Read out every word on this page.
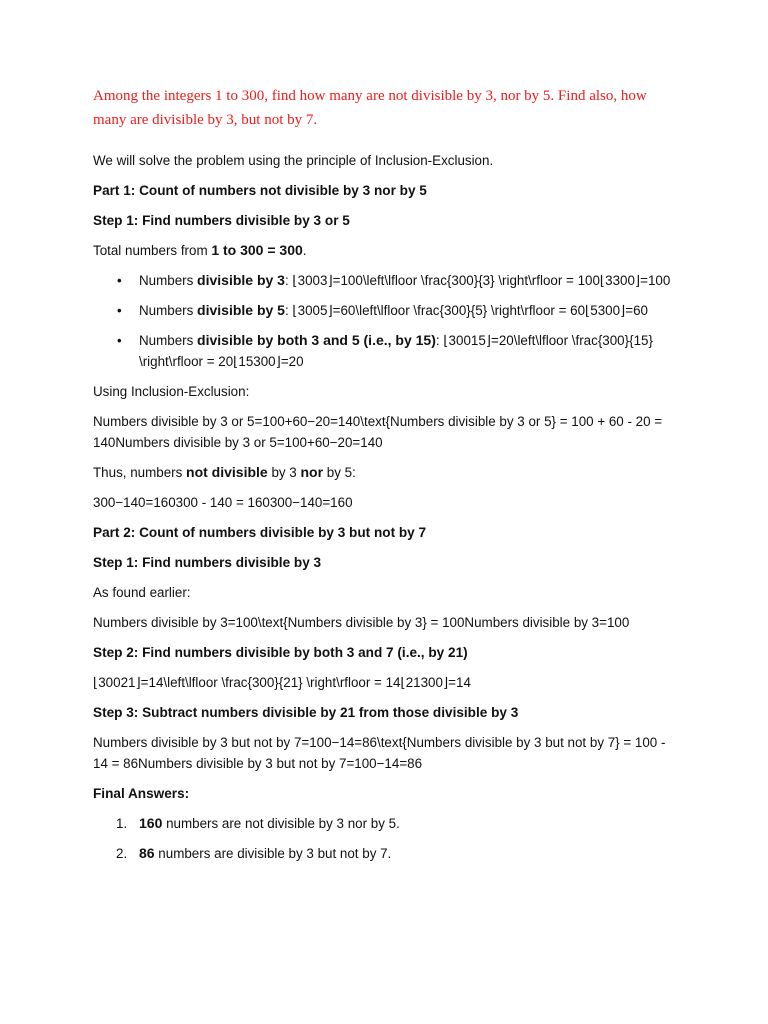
Among the integers 1 to 300, find how many are not divisible by 3, nor by 5. Find also, how many are divisible by 3, but not by 7.

We will solve the problem using the principle of Inclusion-Exclusion.

Part 1: Count of numbers not divisible by 3 nor by 5

Step 1: Find numbers divisible by 3 or 5

Total numbers from 1 to 300 = 300.

• Numbers divisible by 3: ⌊3003⌋=100\left\lfloor \frac{300}{3} \right\rfloor = 100⌊3300⌋=100
• Numbers divisible by 5: ⌊3005⌋=60\left\lfloor \frac{300}{5} \right\rfloor = 60⌊5300⌋=60
• Numbers divisible by both 3 and 5 (i.e., by 15): ⌊30015⌋=20\left\lfloor \frac{300}{15} \right\rfloor = 20⌊15300⌋=20

Using Inclusion-Exclusion:

Numbers divisible by 3 or 5=100+60−20=140\text{Numbers divisible by 3 or 5} = 100 + 60 - 20 = 140Numbers divisible by 3 or 5=100+60−20=140

Thus, numbers not divisible by 3 nor by 5:

300−140=160300 - 140 = 160300−140=160

Part 2: Count of numbers divisible by 3 but not by 7

Step 1: Find numbers divisible by 3

As found earlier:

Numbers divisible by 3=100\text{Numbers divisible by 3} = 100Numbers divisible by 3=100

Step 2: Find numbers divisible by both 3 and 7 (i.e., by 21)

⌊30021⌋=14\left\lfloor \frac{300}{21} \right\rfloor = 14⌊21300⌋=14

Step 3: Subtract numbers divisible by 21 from those divisible by 3

Numbers divisible by 3 but not by 7=100−14=86\text{Numbers divisible by 3 but not by 7} = 100 - 14 = 86Numbers divisible by 3 but not by 7=100−14=86

Final Answers:

1. 160 numbers are not divisible by 3 nor by 5.
2. 86 numbers are divisible by 3 but not by 7.
